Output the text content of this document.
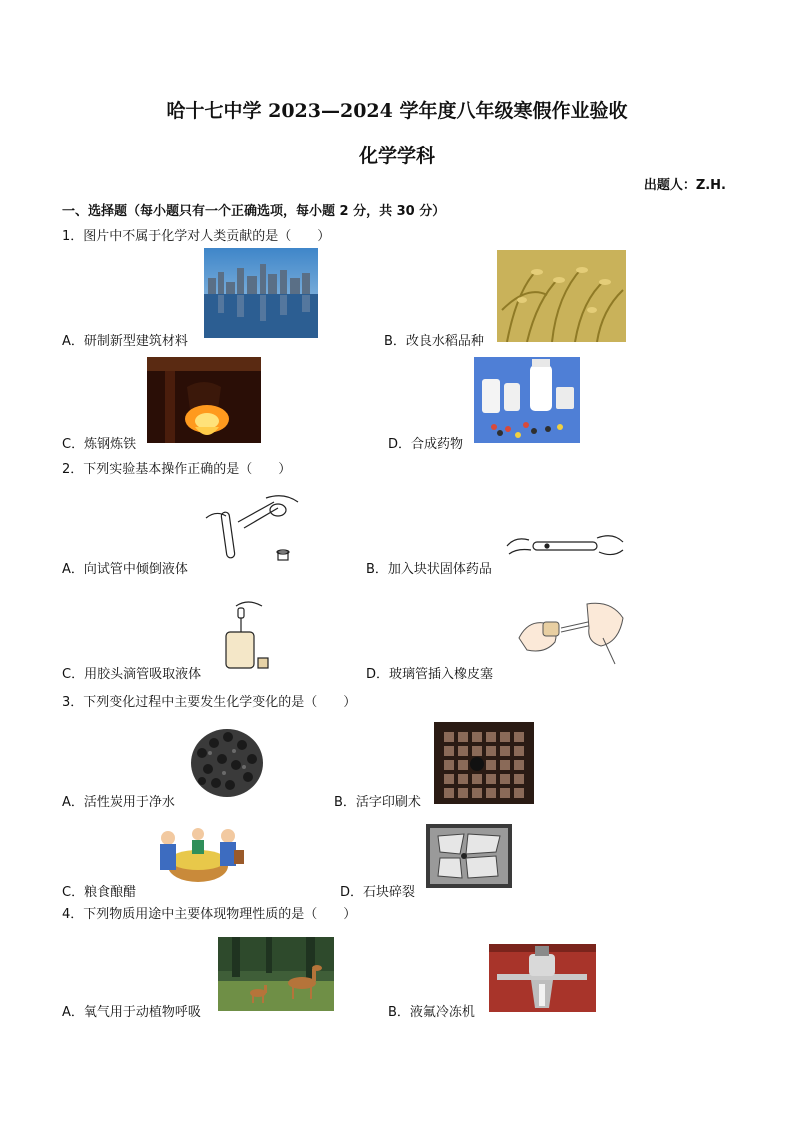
哈十七中学 2023—2024 学年度八年级寒假作业验收
化学学科
出题人：Z.H.
一、选择题（每小题只有一个正确选项，每小题 2 分，共 30 分）
1．图片中不属于化学对人类贡献的是（　　）
A．研制新型建筑材料	B．改良水稻品种
C．炼钢炼铁	D．合成药物
2．下列实验基本操作正确的是（　　）
A．向试管中倾倒液体	B．加入块状固体药品
C．用胶头滴管吸取液体	D．玻璃管插入橡皮塞
3．下列变化过程中主要发生化学变化的是（　　）
A．活性炭用于净水	B．活字印刷术
C．粮食酿醋	D．石块碎裂
4．下列物质用途中主要体现物理性质的是（　　）
A．氧气用于动植物呼吸	B．液氟冷冻机
